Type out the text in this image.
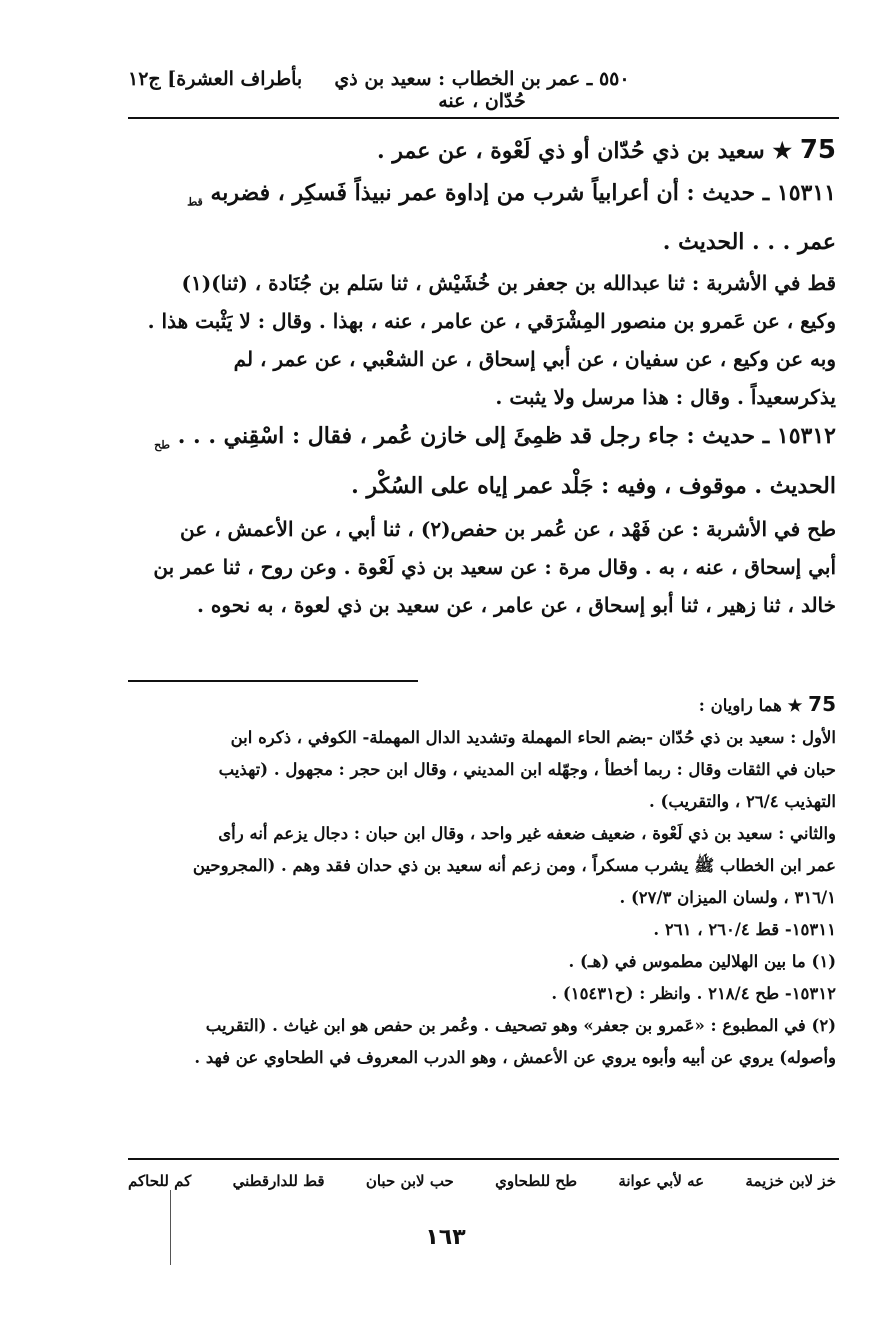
٥٥٠ ـ عمر بن الخطاب : سعيد بن ذي حُدّان ، عنه
بأطراف العشرة] ج١٢
75 ★ سعيد بن ذي حُدّان أو ذي لَعْوة ، عن عمر .
١٥٣١١ ـ حديث : أن أعرابياً شرب من إداوة عمر نبيذاً فَسكِر ، فضربه $_{قط}$
عمر . . . الحديث .
قط في الأشربة : ثنا عبدالله بن جعفر بن خُشَيْش ، ثنا سَلم بن جُنَادة ، (ثنا)(١)
وكيع ، عن عَمرو بن منصور المِشْرَقي ، عن عامر ، عنه ، بهذا . وقال : لا يَثْبت هذا .
وبه عن وكيع ، عن سفيان ، عن أبي إسحاق ، عن الشعْبي ، عن عمر ، لم
يذكرسعيداً . وقال : هذا مرسل ولا يثبت .
١٥٣١٢ ـ حديث : جاء رجل قد ظمِئَ إلى خازن عُمر ، فقال : اسْقِني . . . $_{طح}$
الحديث . موقوف ، وفيه : جَلْد عمر إياه على السُكْر .
طح في الأشربة : عن فَهْد ، عن عُمر بن حفص(٢) ، ثنا أبي ، عن الأعمش ، عن
أبي إسحاق ، عنه ، به . وقال مرة : عن سعيد بن ذي لَعْوة . وعن روح ، ثنا عمر بن
خالد ، ثنا زهير ، ثنا أبو إسحاق ، عن عامر ، عن سعيد بن ذي لعوة ، به نحوه .
75 ★ هما راويان :
الأول : سعيد بن ذي حُدّان -بضم الحاء المهملة وتشديد الدال المهملة- الكوفي ، ذكره ابن
حبان في الثقات وقال : ربما أخطأ ، وجهّله ابن المديني ، وقال ابن حجر : مجهول . (تهذيب
التهذيب ٢٦/٤ ، والتقريب) .
والثاني : سعيد بن ذي لَعْوة ، ضعيف ضعفه غير واحد ، وقال ابن حبان : دجال يزعم أنه رأى
عمر ابن الخطاب ﷺ يشرب مسكراً ، ومن زعم أنه سعيد بن ذي حدان فقد وهم . (المجروحين
٣١٦/١ ، ولسان الميزان ٢٧/٣) .
١٥٣١١- قط ٢٦٠/٤ ، ٢٦١ .
(١) ما بين الهلالين مطموس في (هـ) .
١٥٣١٢- طح ٢١٨/٤ . وانظر : (ح١٥٤٣١) .
(٢) في المطبوع : «عَمرو بن جعفر» وهو تصحيف . وعُمر بن حفص هو ابن غياث . (التقريب
وأصوله) يروي عن أبيه وأبوه يروي عن الأعمش ، وهو الدرب المعروف في الطحاوي عن فهد .
خز لابن خزيمة
عه لأبي عوانة
طح للطحاوي
حب لابن حبان
قط للدارقطني
كم للحاكم
١٦٣
